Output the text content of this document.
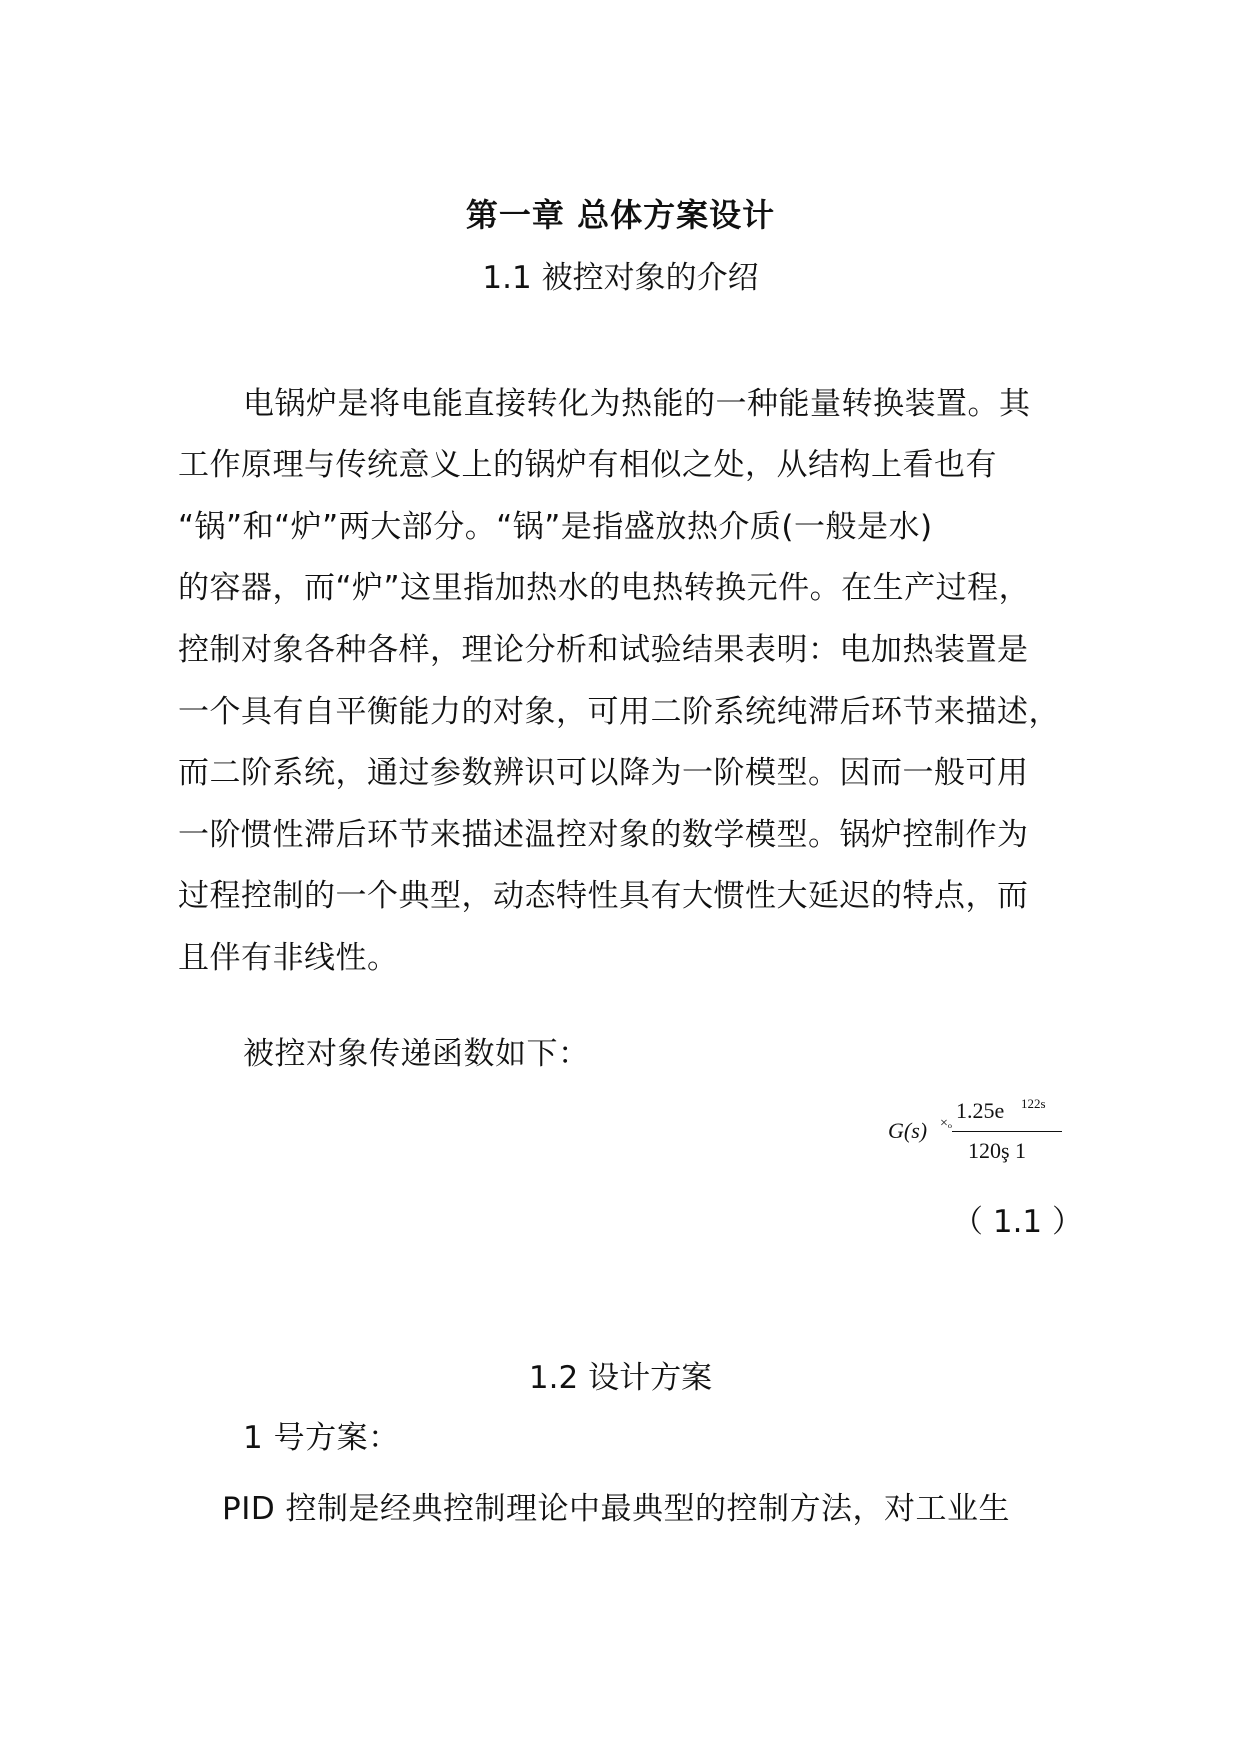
第一章 总体方案设计
1.1 被控对象的介绍
电锅炉是将电能直接转化为热能的一种能量转换装置。其
工作原理与传统意义上的锅炉有相似之处，从结构上看也有
“锅”和“炉”两大部分。“锅”是指盛放热介质(一般是水)
的容器，而“炉”这里指加热水的电热转换元件。在生产过程，
控制对象各种各样，理论分析和试验结果表明：电加热装置是
一个具有自平衡能力的对象，可用二阶系统纯滞后环节来描述，
而二阶系统，通过参数辨识可以降为一阶模型。因而一般可用
一阶惯性滞后环节来描述温控对象的数学模型。锅炉控制作为
过程控制的一个典型，动态特性具有大惯性大延迟的特点，而
且伴有非线性。
被控对象传递函数如下：
G(s) ×ₒ
1.25e 122s
120ş 1
（ 1.1 ）
1.2 设计方案
1 号方案：
PID 控制是经典控制理论中最典型的控制方法，对工业生
